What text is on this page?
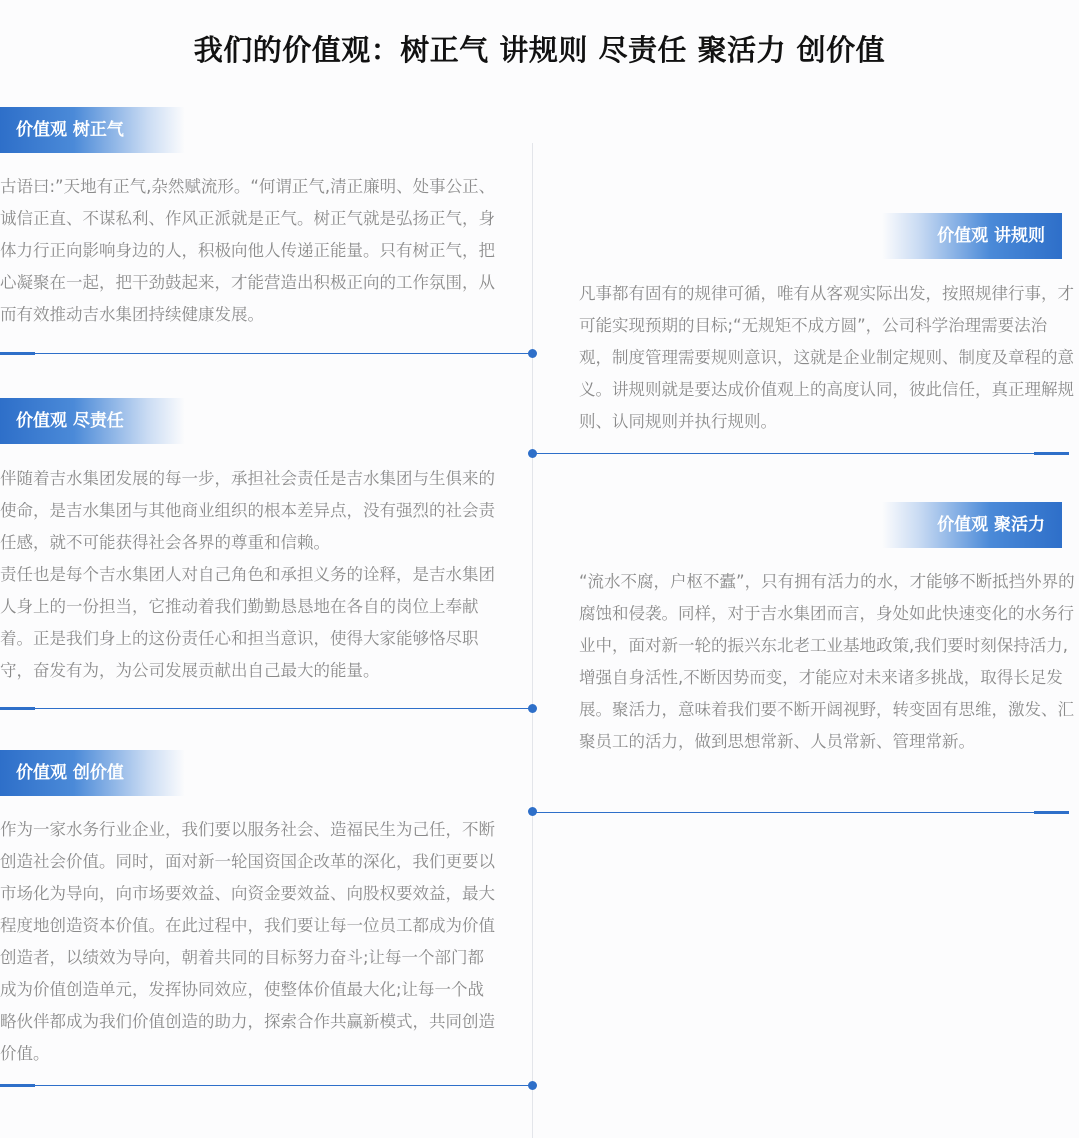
我们的价值观：树正气 讲规则 尽责任 聚活力 创价值
价值观 树正气

古语曰:”天地有正气,杂然赋流形。“何谓正气,清正廉明、处事公正、诚信正直、不谋私利、作风正派就是正气。树正气就是弘扬正气，身体力行正向影响身边的人，积极向他人传递正能量。只有树正气，把心凝聚在一起，把干劲鼓起来，才能营造出积极正向的工作氛围，从而有效推动吉水集团持续健康发展。

价值观 讲规则

凡事都有固有的规律可循，唯有从客观实际出发，按照规律行事，才可能实现预期的目标;“无规矩不成方圆”，公司科学治理需要法治观，制度管理需要规则意识，这就是企业制定规则、制度及章程的意义。讲规则就是要达成价值观上的高度认同，彼此信任，真正理解规则、认同规则并执行规则。

价值观 尽责任

伴随着吉水集团发展的每一步，承担社会责任是吉水集团与生俱来的使命，是吉水集团与其他商业组织的根本差异点，没有强烈的社会责任感，就不可能获得社会各界的尊重和信赖。

责任也是每个吉水集团人对自己角色和承担义务的诠释，是吉水集团人身上的一份担当，它推动着我们勤勤恳恳地在各自的岗位上奉献着。正是我们身上的这份责任心和担当意识，使得大家能够恪尽职守，奋发有为，为公司发展贡献出自己最大的能量。

价值观 聚活力

“流水不腐，户枢不蠹”，只有拥有活力的水，才能够不断抵挡外界的腐蚀和侵袭。同样，对于吉水集团而言，身处如此快速变化的水务行业中，面对新一轮的振兴东北老工业基地政策,我们要时刻保持活力,增强自身活性,不断因势而变，才能应对未来诸多挑战，取得长足发展。聚活力，意味着我们要不断开阔视野，转变固有思维，激发、汇聚员工的活力，做到思想常新、人员常新、管理常新。

价值观 创价值

作为一家水务行业企业，我们要以服务社会、造福民生为己任，不断创造社会价值。同时，面对新一轮国资国企改革的深化，我们更要以市场化为导向，向市场要效益、向资金要效益、向股权要效益，最大程度地创造资本价值。在此过程中，我们要让每一位员工都成为价值创造者，以绩效为导向，朝着共同的目标努力奋斗;让每一个部门都成为价值创造单元，发挥协同效应，使整体价值最大化;让每一个战略伙伴都成为我们价值创造的助力，探索合作共赢新模式，共同创造价值。
